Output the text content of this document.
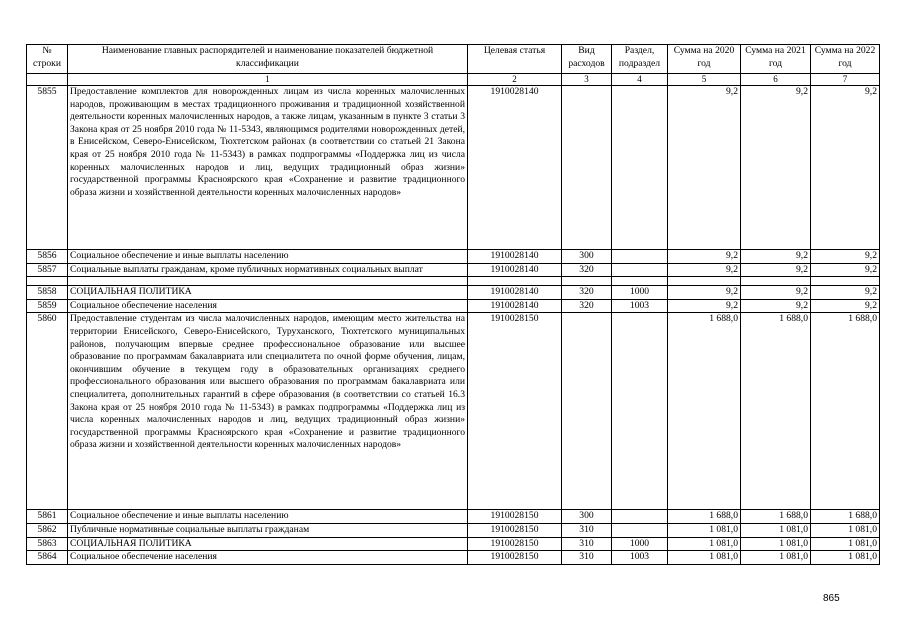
№ строки	Наименование главных распорядителей и наименование показателей бюджетной классификации	Целевая статья	Вид расходов	Раздел, подраздел	Сумма на 2020 год	Сумма на 2021 год	Сумма на 2022 год
	1	2	3	4	5	6	7
5855	Предоставление комплектов для новорожденных лицам из числа коренных малочисленных народов, проживающим в местах традиционного проживания и традиционной хозяйственной деятельности коренных малочисленных народов, а также лицам, указанным в пункте 3 статьи 3 Закона края от 25 ноября 2010 года № 11-5343, являющимся родителями новорожденных детей, в Енисейском, Северо-Енисейском, Тюхтетском районах (в соответствии со статьей 21 Закона края от 25 ноября 2010 года № 11-5343) в рамках подпрограммы «Поддержка лиц из числа коренных малочисленных народов и лиц, ведущих традиционный образ жизни» государственной программы Красноярского края «Сохранение и развитие традиционного образа жизни и хозяйственной деятельности коренных малочисленных народов»	1910028140			9,2	9,2	9,2
5856	Социальное обеспечение и иные выплаты населению	1910028140	300		9,2	9,2	9,2
5857	Социальные выплаты гражданам, кроме публичных нормативных социальных выплат	1910028140	320		9,2	9,2	9,2

5858	СОЦИАЛЬНАЯ ПОЛИТИКА	1910028140	320	1000	9,2	9,2	9,2
5859	Социальное обеспечение населения	1910028140	320	1003	9,2	9,2	9,2
5860	Предоставление студентам из числа малочисленных народов, имеющим место жительства на территории Енисейского, Северо-Енисейского, Туруханского, Тюхтетского муниципальных районов, получающим впервые среднее профессиональное образование или высшее образование по программам бакалавриата или специалитета по очной форме обучения, лицам, окончившим обучение в текущем году в образовательных организациях среднего профессионального образования или высшего образования по программам бакалавриата или специалитета, дополнительных гарантий в сфере образования (в соответствии со статьей 16.3 Закона края от 25 ноября 2010 года № 11-5343) в рамках подпрограммы «Поддержка лиц из числа коренных малочисленных народов и лиц, ведущих традиционный образ жизни» государственной программы Красноярского края «Сохранение и развитие традиционного образа жизни и хозяйственной деятельности коренных малочисленных народов»	1910028150			1 688,0	1 688,0	1 688,0
5861	Социальное обеспечение и иные выплаты населению	1910028150	300		1 688,0	1 688,0	1 688,0
5862	Публичные нормативные социальные выплаты гражданам	1910028150	310		1 081,0	1 081,0	1 081,0
5863	СОЦИАЛЬНАЯ ПОЛИТИКА	1910028150	310	1000	1 081,0	1 081,0	1 081,0
5864	Социальное обеспечение населения	1910028150	310	1003	1 081,0	1 081,0	1 081,0
865
